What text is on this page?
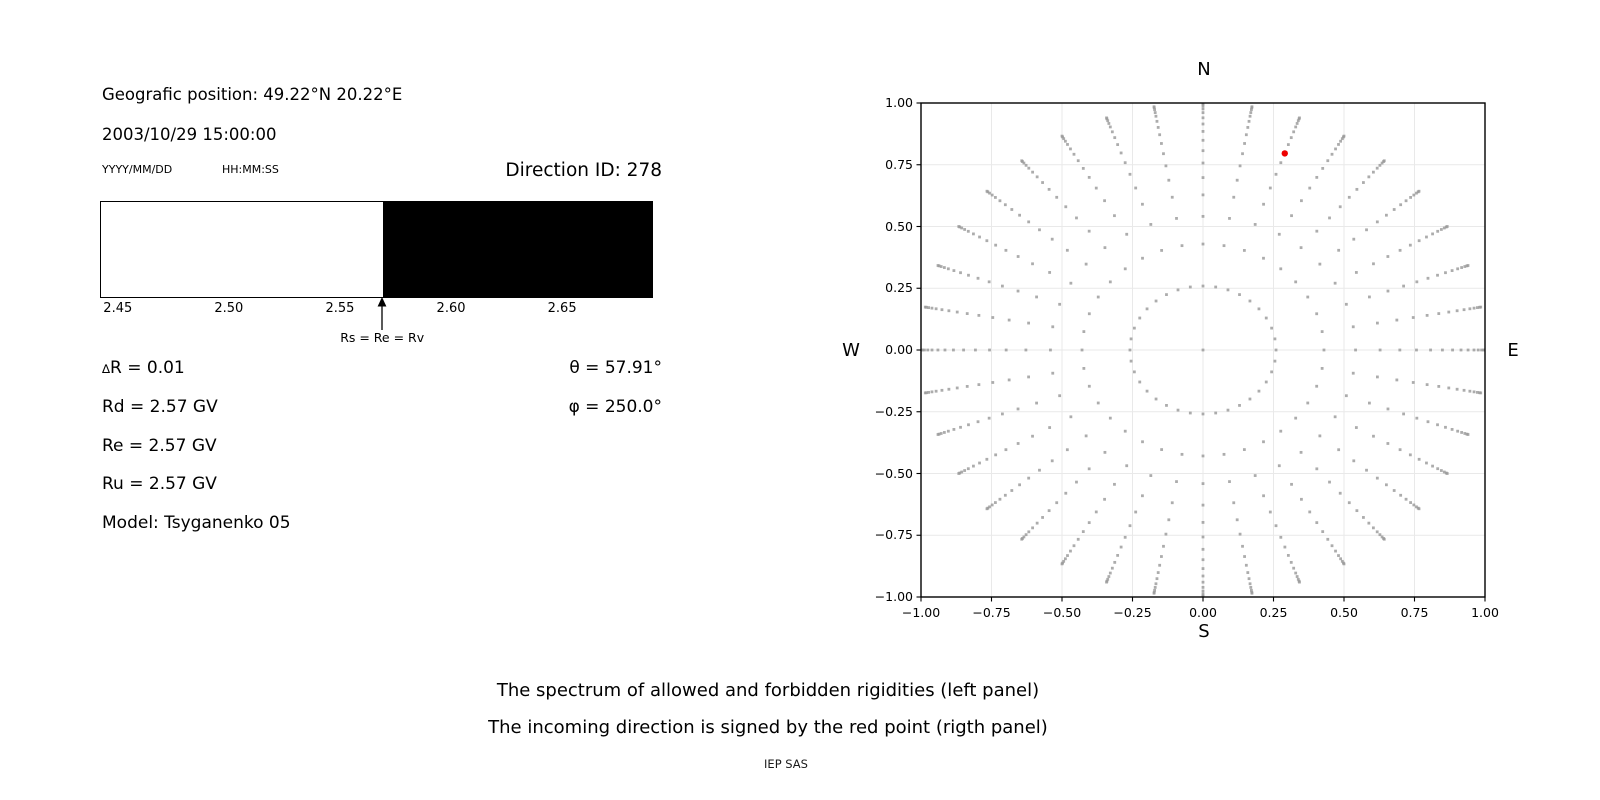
Geografic position: 49.22°N 20.22°E
2003/10/29 15:00:00
YYYY/MM/DD	HH:MM:SS	Direction ID: 278
2.45	2.50	2.55	2.60	2.65
Rs = Re = Rv
∆R = 0.01	θ = 57.91°
Rd = 2.57 GV	φ = 250.0°
Re = 2.57 GV
Ru = 2.57 GV
Model: Tsyganenko 05
−1.00
−1.00
−0.75
−0.75
−0.50
−0.50
−0.25
−0.25
0.00
0.00
0.25
0.25
0.50
0.50
0.75
0.75
1.00
1.00
N
S
W	E
The spectrum of allowed and forbidden rigidities (left panel)
The incoming direction is signed by the red point (rigth panel)
IEP SAS
